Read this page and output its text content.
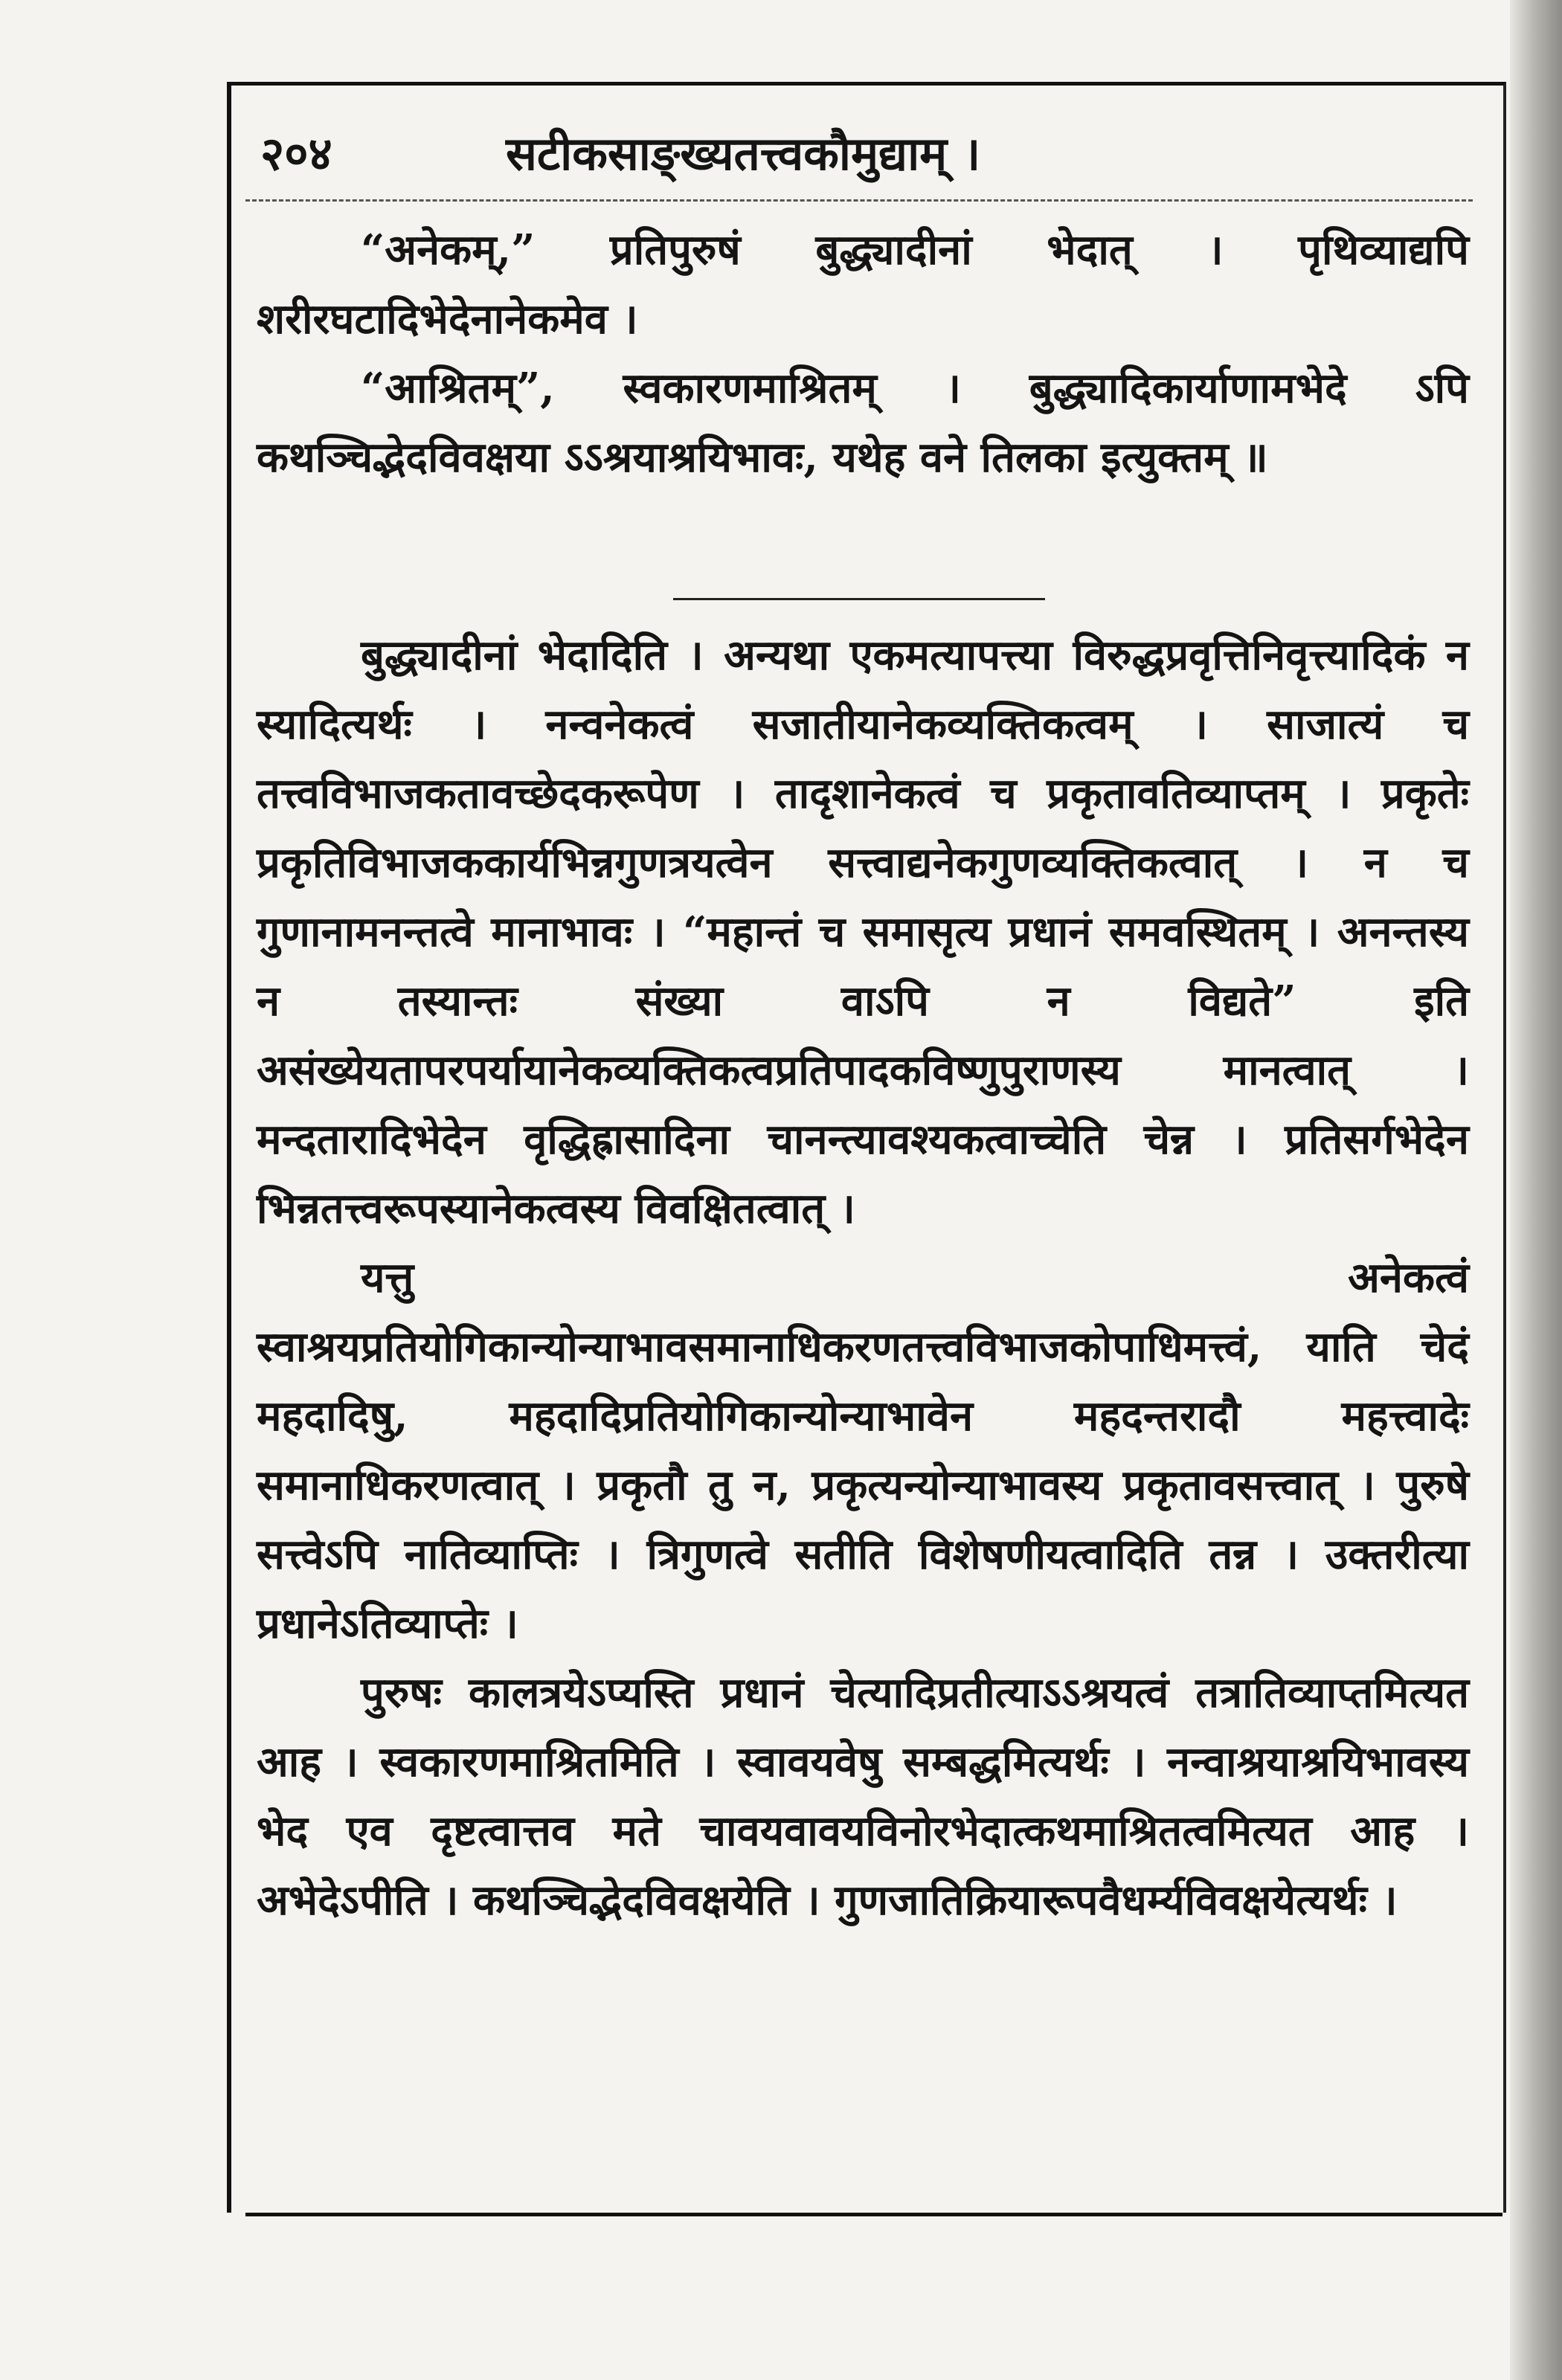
२०४	सटीकसाङ्ख्यतत्त्वकौमुद्याम् ।

“अनेकम्,” प्रतिपुरुषं बुद्ध्यादीनां भेदात् । पृथिव्याद्यपि शरीरघटादिभेदेनानेकमेव ।

“आश्रितम्”, स्वकारणमाश्रितम् । बुद्ध्यादिकार्याणामभेदे ऽपि कथञ्चिद्भेदविवक्षया ऽऽश्रयाश्रयिभावः, यथेह वने तिलका इत्युक्तम् ॥

बुद्ध्यादीनां भेदादिति । अन्यथा एकमत्यापत्त्या विरुद्धप्रवृत्तिनिवृत्त्यादिकं न स्यादित्यर्थः । नन्वनेकत्वं सजातीयानेकव्यक्तिकत्वम् । साजात्यं च तत्त्वविभाजकतावच्छेदकरूपेण । तादृशानेकत्वं च प्रकृतावतिव्याप्तम् । प्रकृतेः प्रकृतिविभाजककार्यभिन्नगुणत्रयत्वेन सत्त्वाद्यनेकगुणव्यक्तिकत्वात् । न च गुणानामनन्तत्वे मानाभावः । “महान्तं च समासृत्य प्रधानं समवस्थितम् । अनन्तस्य न तस्यान्तः संख्या वाऽपि न विद्यते” इति असंख्येयतापरपर्यायानेकव्यक्तिकत्वप्रतिपादकविष्णुपुराणस्य मानत्वात् । मन्दतारादिभेदेन वृद्धिह्रासादिना चानन्त्यावश्यकत्वाच्चेति चेन्न । प्रतिसर्गभेदेन भिन्नतत्त्वरूपस्यानेकत्वस्य विवक्षितत्वात् ।

यत्तु अनेकत्वं स्वाश्रयप्रतियोगिकान्योन्याभावसमानाधिकरणतत्त्वविभाजकोपाधिमत्त्वं, याति चेदं महदादिषु, महदादिप्रतियोगिकान्योन्याभावेन महदन्तरादौ महत्त्वादेः समानाधिकरणत्वात् । प्रकृतौ तु न, प्रकृत्यन्योन्याभावस्य प्रकृतावसत्त्वात् । पुरुषे सत्त्वेऽपि नातिव्याप्तिः । त्रिगुणत्वे सतीति विशेषणीयत्वादिति तन्न । उक्तरीत्या प्रधानेऽतिव्याप्तेः ।

पुरुषः कालत्रयेऽप्यस्ति प्रधानं चेत्यादिप्रतीत्याऽऽश्रयत्वं तत्रातिव्याप्तमित्यत आह । स्वकारणमाश्रितमिति । स्वावयवेषु सम्बद्धमित्यर्थः । नन्वाश्रयाश्रयिभावस्य भेद एव दृष्टत्वात्तव मते चावयवावयविनोरभेदात्कथमाश्रितत्वमित्यत आह । अभेदेऽपीति । कथञ्चिद्भेदविवक्षयेति । गुणजातिक्रियारूपवैधर्म्यविवक्षयेत्यर्थः ।
